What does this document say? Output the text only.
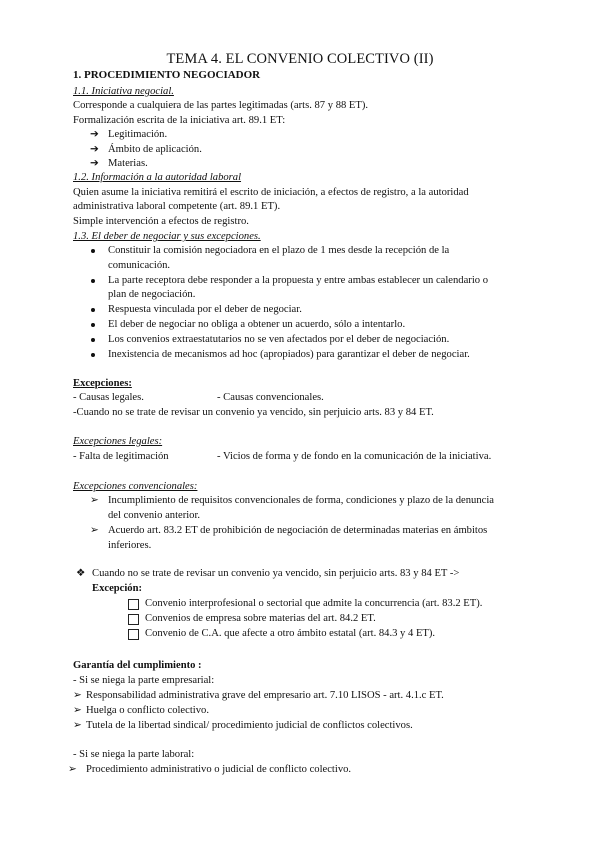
TEMA 4. EL CONVENIO COLECTIVO (II)
1. PROCEDIMIENTO NEGOCIADOR
1.1. Iniciativa negocial.
Corresponde a cualquiera de las partes legitimadas (arts. 87 y 88 ET).
Formalización escrita de la iniciativa art. 89.1 ET:
➔ Legitimación.
➔ Ámbito de aplicación.
➔ Materias.
1.2. Información a la autoridad laboral
Quien asume la iniciativa remitirá el escrito de iniciación, a efectos de registro, a la autoridad
administrativa laboral competente (art. 89.1 ET).
Simple intervención a efectos de registro.
1.3. El deber de negociar y sus excepciones.
Constituir la comisión negociadora en el plazo de 1 mes desde la recepción de la
comunicación.
La parte receptora debe responder a la propuesta y entre ambas establecer un calendario o
plan de negociación.
Respuesta vinculada por el deber de negociar.
El deber de negociar no obliga a obtener un acuerdo, sólo a intentarlo.
Los convenios extraestatutarios no se ven afectados por el deber de negociación.
Inexistencia de mecanismos ad hoc (apropiados) para garantizar el deber de negociar.
Excepciones:
- Causas legales.	- Causas convencionales.
-Cuando no se trate de revisar un convenio ya vencido, sin perjuicio arts. 83 y 84 ET.
Excepciones legales:
- Falta de legitimación	- Vicios de forma y de fondo en la comunicación de la iniciativa.
Excepciones convencionales:
➢ Incumplimiento de requisitos convencionales de forma, condiciones y plazo de la denuncia
del convenio anterior.
➢ Acuerdo art. 83.2 ET de prohibición de negociación de determinadas materias en ámbitos
inferiores.
❖ Cuando no se trate de revisar un convenio ya vencido, sin perjuicio arts. 83 y 84 ET ->
Excepción:
Convenio interprofesional o sectorial que admite la concurrencia (art. 83.2 ET).
Convenios de empresa sobre materias del art. 84.2 ET.
Convenio de C.A. que afecte a otro ámbito estatal (art. 84.3 y 4 ET).
Garantía del cumplimiento :
- Si se niega la parte empresarial:
➢ Responsabilidad administrativa grave del empresario art. 7.10 LISOS - art. 4.1.c ET.
➢ Huelga o conflicto colectivo.
➢ Tutela de la libertad sindical/ procedimiento judicial de conflictos colectivos.
- Si se niega la parte laboral:
➢ Procedimiento administrativo o judicial de conflicto colectivo.
